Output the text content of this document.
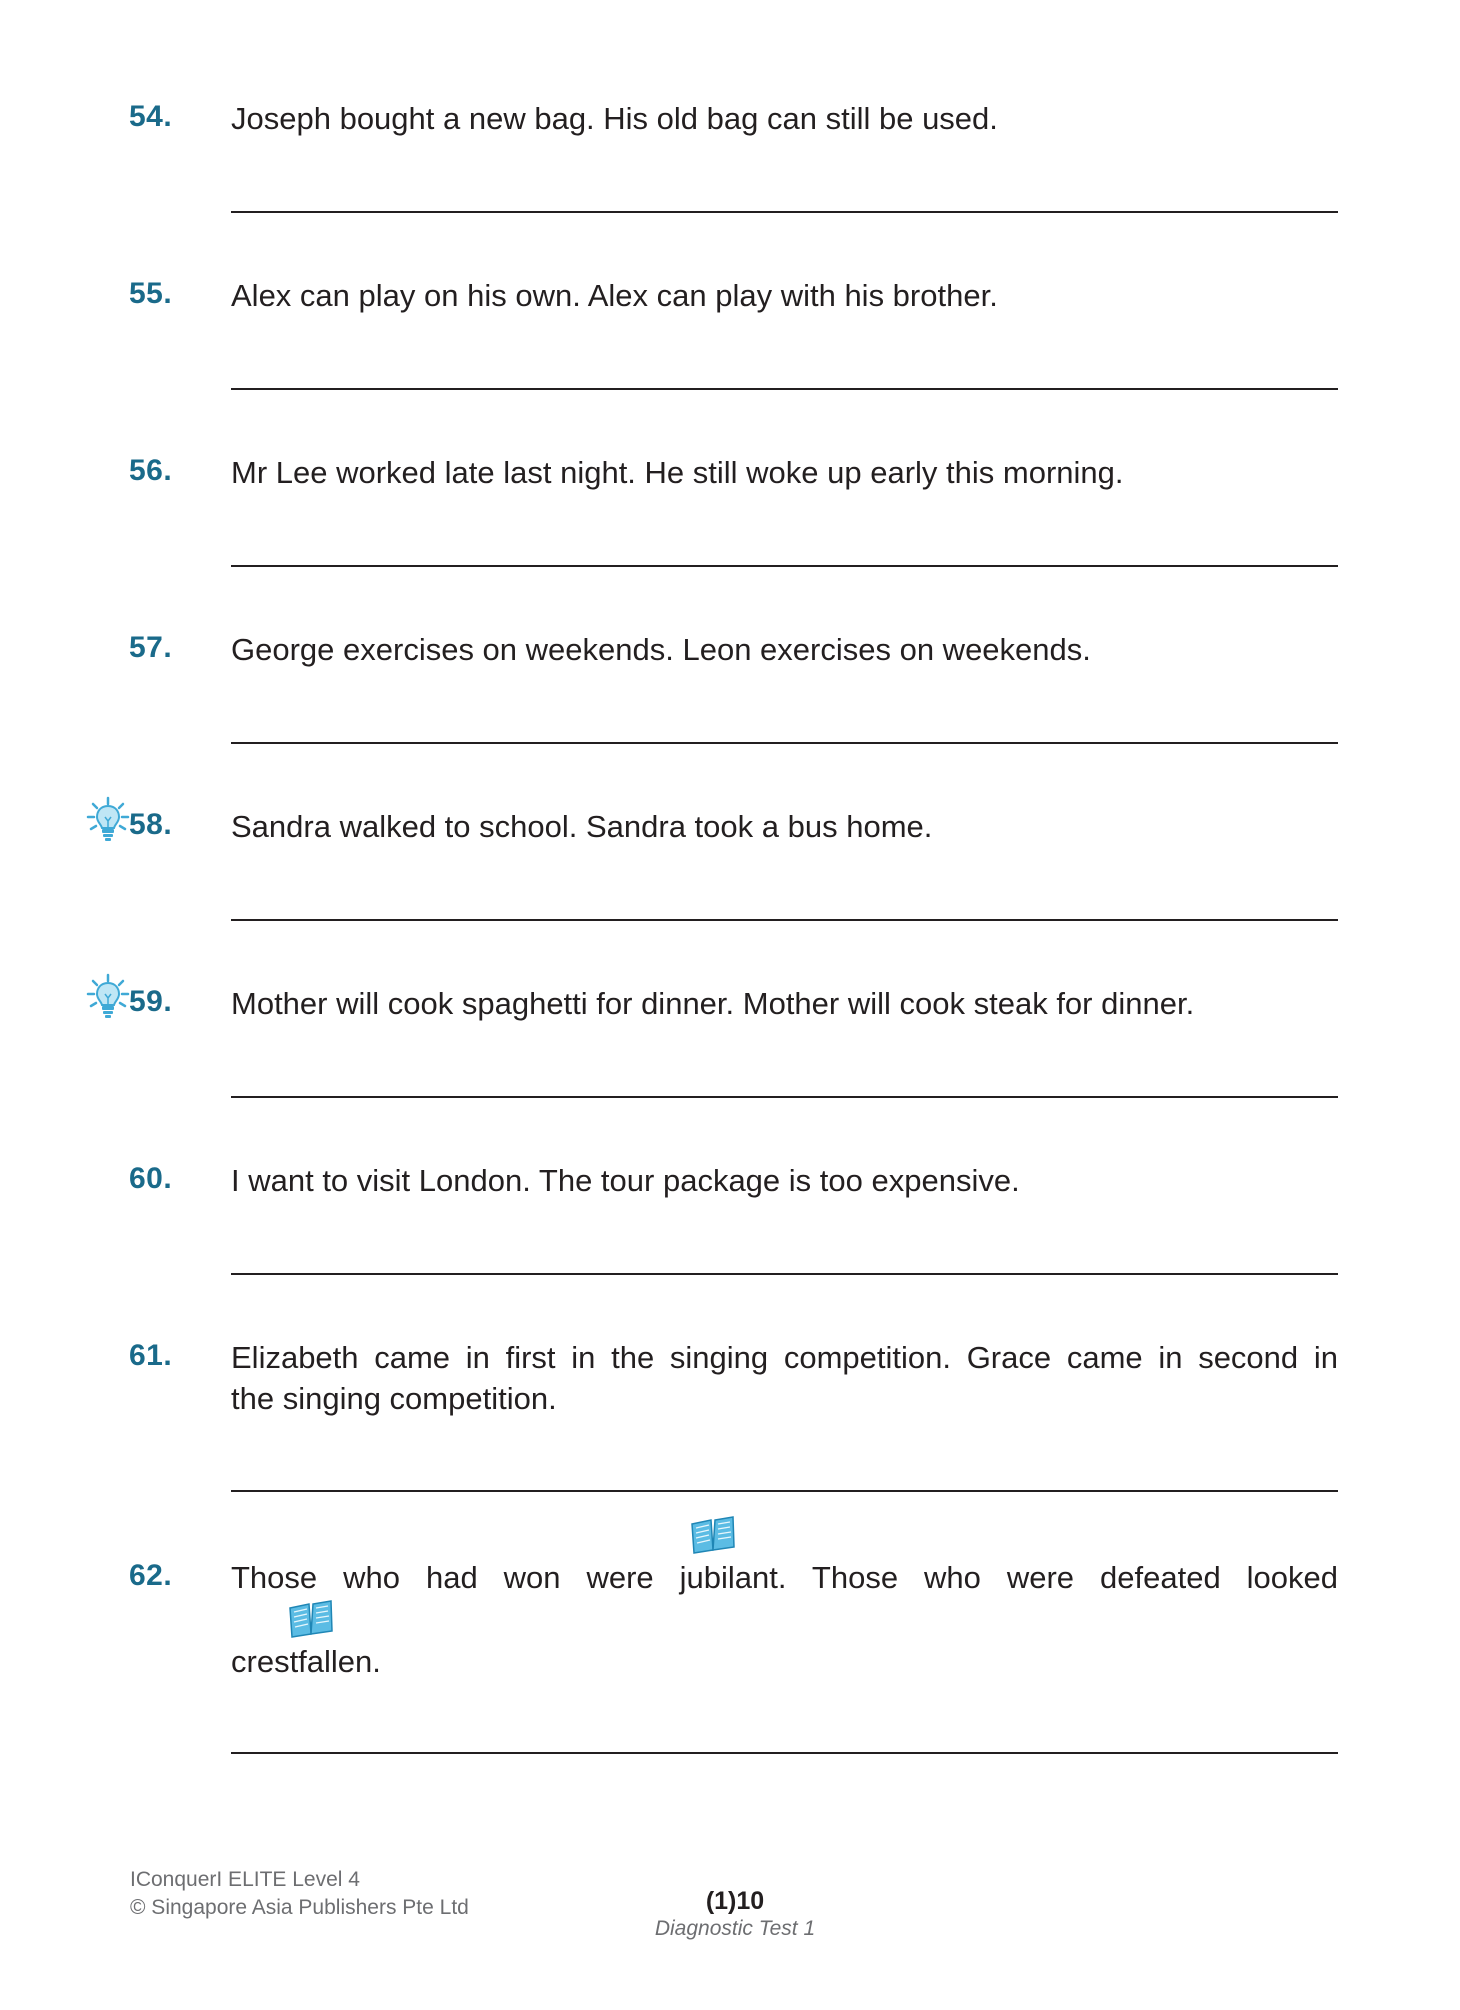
54. Joseph bought a new bag. His old bag can still be used.
55. Alex can play on his own. Alex can play with his brother.
56. Mr Lee worked late last night. He still woke up early this morning.
57. George exercises on weekends. Leon exercises on weekends.
58. Sandra walked to school. Sandra took a bus home.
59. Mother will cook spaghetti for dinner. Mother will cook steak for dinner.
60. I want to visit London. The tour package is too expensive.
61. Elizabeth came in first in the singing competition. Grace came in second in
the singing competition.
62. Those who had won were jubilant. Those who were defeated looked
crestfallen.
IConquerI ELITE Level 4
© Singapore Asia Publishers Pte Ltd	(1)10
Diagnostic Test 1
